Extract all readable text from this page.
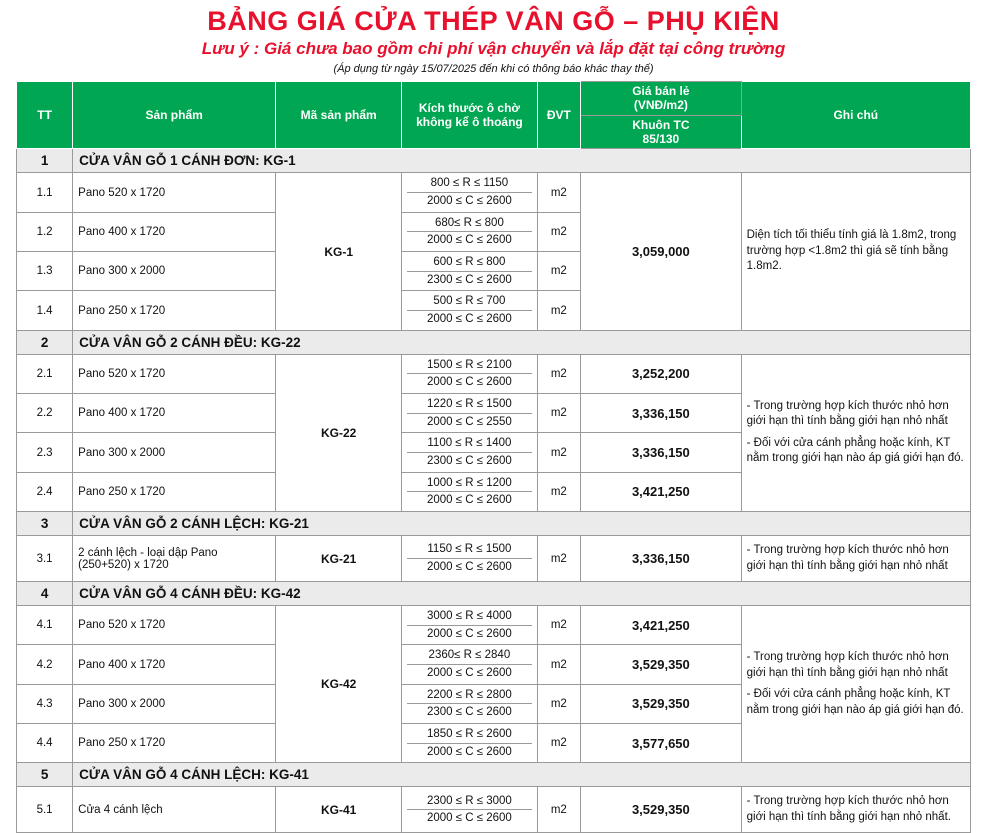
BẢNG GIÁ CỬA THÉP VÂN GỖ – PHỤ KIỆN
Lưu ý : Giá chưa bao gồm chi phí vận chuyển và lắp đặt tại công trường
(Áp dụng từ ngày 15/07/2025 đến khi có thông báo khác thay thế)
TT	Sản phẩm	Mã sản phẩm	Kích thước ô chờ
không kể ô thoáng	ĐVT	Giá bán lẻ
(VNĐ/m2)	Ghi chú
					Khuôn TC
85/130	
1	CỬA VÂN GỖ 1 CÁNH ĐƠN: KG-1					
1.1	Pano 520 x 1720	KG-1	800 ≤ R ≤ 1150
2000 ≤ C ≤ 2600	m2	3,059,000	Diện tích tối thiểu tính giá là 1.8m2, trong trường hợp <1.8m2 thì giá sẽ tính bằng 1.8m2.
1.2	Pano 400 x 1720		680≤ R ≤ 800
2000 ≤ C ≤ 2600	m2		
1.3	Pano 300 x 2000		600 ≤ R ≤ 800
2300 ≤ C ≤ 2600	m2		
1.4	Pano 250 x 1720		500 ≤ R ≤ 700
2000 ≤ C ≤ 2600	m2		
2	CỬA VÂN GỖ 2 CÁNH ĐỀU: KG-22					
2.1	Pano 520 x 1720	KG-22	
1500 ≤ R ≤ 2100
2000 ≤ C ≤ 2600
	m2	3,252,200	
- Trong trường hợp kích thước nhỏ hơn giới hạn thì tính bằng giới hạn nhỏ nhất
- Đối với cửa cánh phẳng hoặc kính, KT nằm trong giới hạn nào áp giá giới hạn đó.

2.2	Pano 400 x 1720		1220 ≤ R ≤ 1500
2000 ≤ C ≤ 2550	m2	3,336,150	
2.3	Pano 300 x 2000		1100 ≤ R ≤ 1400
2300 ≤ C ≤ 2600	m2	3,336,150	
2.4	Pano 250 x 1720		1000 ≤ R ≤ 1200
2000 ≤ C ≤ 2600	m2	3,421,250	
3	CỬA VÂN GỖ 2 CÁNH LỆCH: KG-21					
3.1	2 cánh lệch - loại dập Pano (250+520) x 1720	KG-21	1150 ≤ R ≤ 1500
2000 ≤ C ≤ 2600	m2	3,336,150	- Trong trường hợp kích thước nhỏ hơn giới hạn thì tính bằng giới hạn nhỏ nhất
4	CỬA VÂN GỖ 4 CÁNH ĐỀU: KG-42					
4.1	Pano 520 x 1720	KG-42	
3000 ≤ R ≤ 4000
2000 ≤ C ≤ 2600
	m2	3,421,250	
- Trong trường hợp kích thước nhỏ hơn giới hạn thì tính bằng giới hạn nhỏ nhất
- Đối với cửa cánh phẳng hoặc kính, KT nằm trong giới hạn nào áp giá giới hạn đó.

4.2	Pano 400 x 1720		2360≤ R ≤ 2840
2000 ≤ C ≤ 2600	m2	3,529,350	
4.3	Pano 300 x 2000		2200 ≤ R ≤ 2800
2300 ≤ C ≤ 2600	m2	3,529,350	
4.4	Pano 250 x 1720		1850 ≤ R ≤ 2600
2000 ≤ C ≤ 2600	m2	3,577,650	
5	CỬA VÂN GỖ 4 CÁNH LỆCH: KG-41					
5.1	Cửa 4 cánh lệch	KG-41	2300 ≤ R ≤ 3000
2000 ≤ C ≤ 2600	m2	3,529,350	- Trong trường hợp kích thước nhỏ hơn giới hạn thì tính bằng giới hạn nhỏ nhất.
